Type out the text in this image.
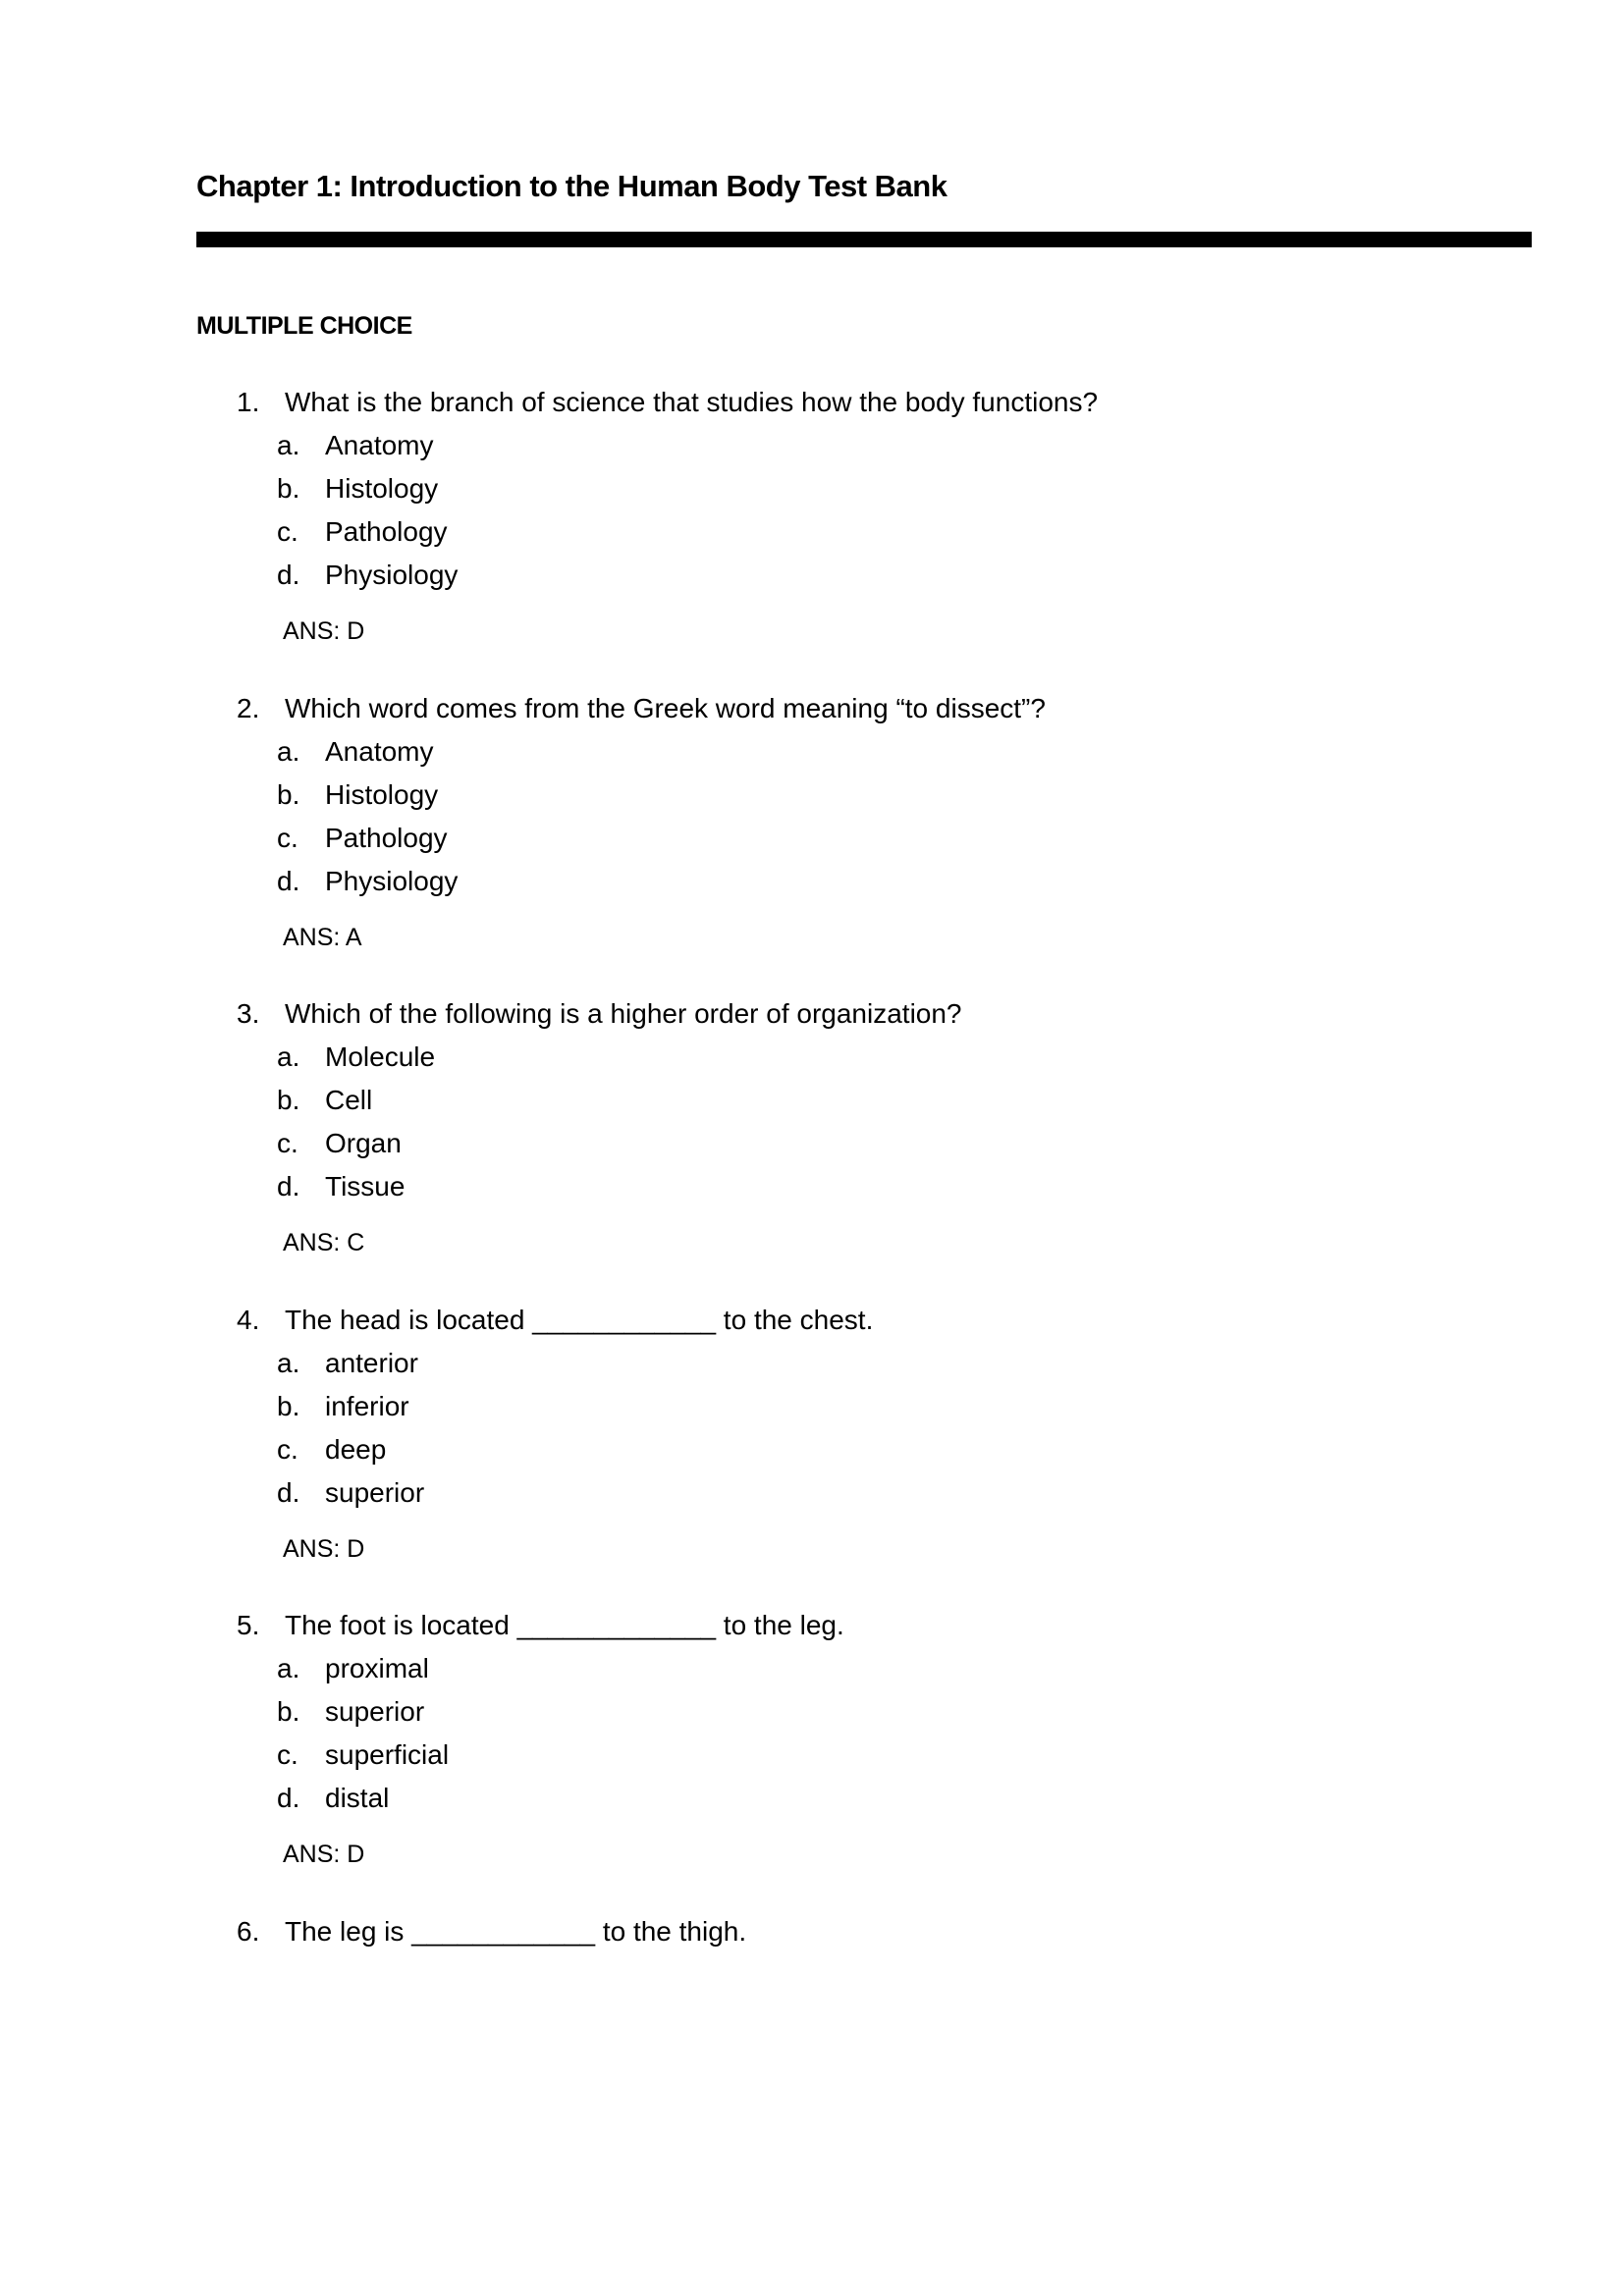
Chapter 1: Introduction to the Human Body Test Bank
MULTIPLE CHOICE
1. What is the branch of science that studies how the body functions?
a. Anatomy
b. Histology
c. Pathology
d. Physiology
ANS: D
2. Which word comes from the Greek word meaning “to dissect”?
a. Anatomy
b. Histology
c. Pathology
d. Physiology
ANS: A
3. Which of the following is a higher order of organization?
a. Molecule
b. Cell
c. Organ
d. Tissue
ANS: C
4. The head is located ____________ to the chest.
a. anterior
b. inferior
c. deep
d. superior
ANS: D
5. The foot is located _____________ to the leg.
a. proximal
b. superior
c. superficial
d. distal
ANS: D
6. The leg is ____________ to the thigh.
